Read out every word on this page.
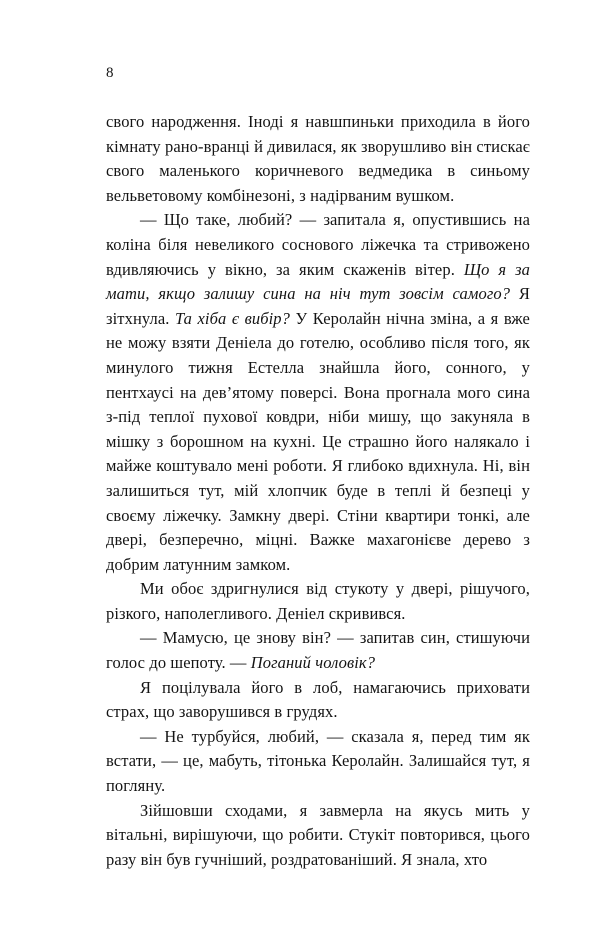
8

свого народження. Іноді я навшпиньки приходила в його кімнату рано-вранці й дивилася, як зворушливо він стискає свого маленького коричневого ведмедика в синьому вельветовому комбінезоні, з надірваним вушком.

— Що таке, любий? — запитала я, опустившись на коліна біля невеликого соснового ліжечка та стривожено вдивляючись у вікно, за яким скаженів вітер. Що я за мати, якщо залишу сина на ніч тут зовсім самого? Я зітхнула. Та хіба є вибір? У Керолайн нічна зміна, а я вже не можу взяти Деніела до готелю, особливо після того, як минулого тижня Естелла знайшла його, сонного, у пентхаусі на дев’ятому поверсі. Вона прогнала мого сина з-під теплої пухової ковдри, ніби мишу, що закуняла в мішку з борошном на кухні. Це страшно його налякало і майже коштувало мені роботи. Я глибоко вдихнула. Ні, він залишиться тут, мій хлопчик буде в теплі й безпеці у своєму ліжечку. Замкну двері. Стіни квартири тонкі, але двері, безперечно, міцні. Важке махагонієве дерево з добрим латунним замком.

Ми обоє здригнулися від стукоту у двері, рішучого, різкого, наполегливого. Деніел скривився.

— Мамусю, це знову він? — запитав син, стишуючи голос до шепоту. — Поганий чоловік?

Я поцілувала його в лоб, намагаючись приховати страх, що заворушився в грудях.

— Не турбуйся, любий, — сказала я, перед тим як встати, — це, мабуть, тітонька Керолайн. Залишайся тут, я погляну.

Зійшовши сходами, я завмерла на якусь мить у вітальні, вирішуючи, що робити. Стукіт повторився, цього разу він був гучніший, роздратованіший. Я знала, хто
